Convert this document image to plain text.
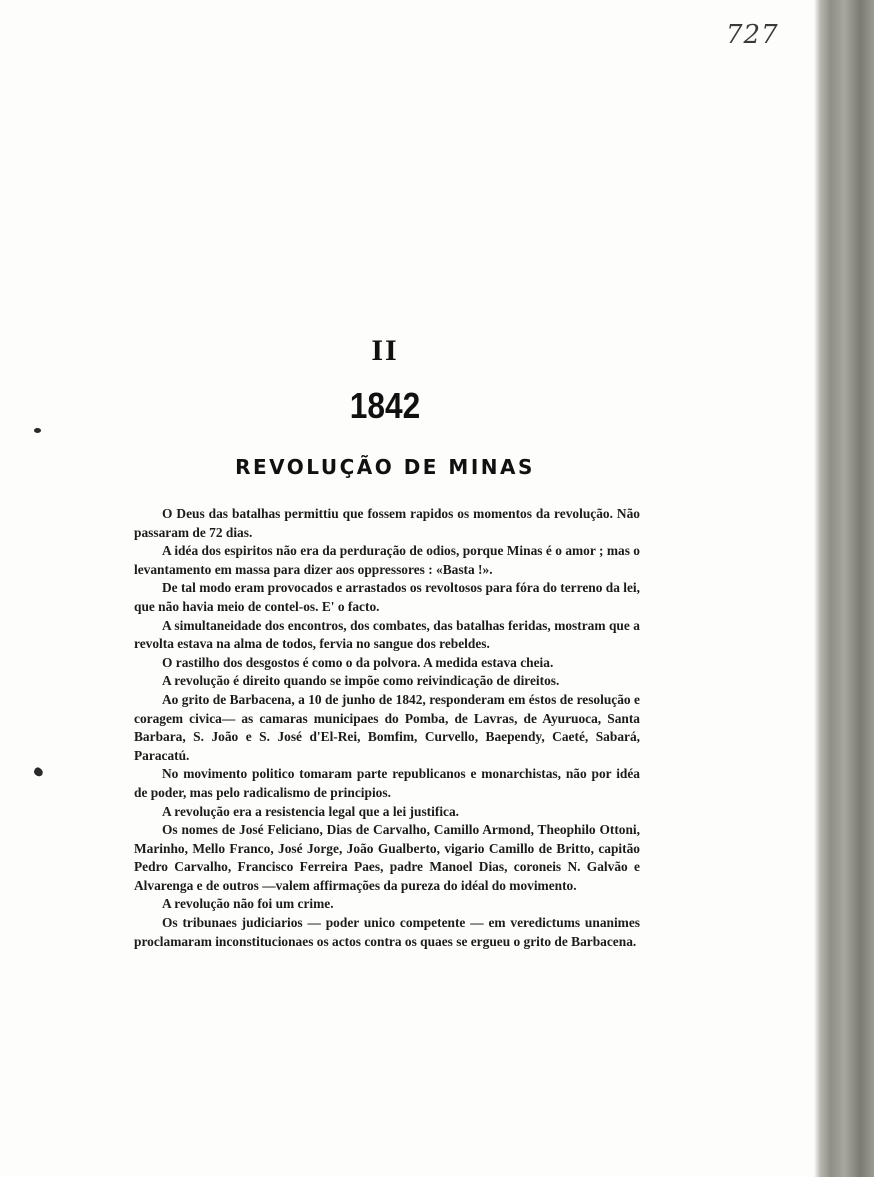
727
II
1842
REVOLUÇÃO DE MINAS

O Deus das batalhas permittiu que fossem rapidos os momentos da revolução. Não passaram de 72 dias.

A idéa dos espiritos não era da perduração de odios, porque Minas é o amor ; mas o levantamento em massa para dizer aos oppressores : «Basta !».

De tal modo eram provocados e arrastados os revoltosos para fóra do terreno da lei, que não havia meio de contel-os. E' o facto.

A simultaneidade dos encontros, dos combates, das batalhas feridas, mostram que a revolta estava na alma de todos, fervia no sangue dos rebeldes.

O rastilho dos desgostos é como o da polvora. A medida estava cheia.

A revolução é direito quando se impõe como reivindicação de direitos.

Ao grito de Barbacena, a 10 de junho de 1842, responderam em éstos de resolução e coragem civica— as camaras municipaes do Pomba, de Lavras, de Ayuruoca, Santa Barbara, S. João e S. José d'El-Rei, Bomfim, Curvello, Baependy, Caeté, Sabará, Paracatú.

No movimento politico tomaram parte republicanos e monarchistas, não por idéa de poder, mas pelo radicalismo de principios.

A revolução era a resistencia legal que a lei justifica.

Os nomes de José Feliciano, Dias de Carvalho, Camillo Armond, Theophilo Ottoni, Marinho, Mello Franco, José Jorge, João Gualberto, vigario Camillo de Britto, capitão Pedro Carvalho, Francisco Ferreira Paes, padre Manoel Dias, coroneis N. Galvão e Alvarenga e de outros —valem affirmações da pureza do idéal do movimento.

A revolução não foi um crime.

Os tribunaes judiciarios — poder unico competente — em veredictums unanimes proclamaram inconstitucionaes os actos contra os quaes se ergueu o grito de Barbacena.
